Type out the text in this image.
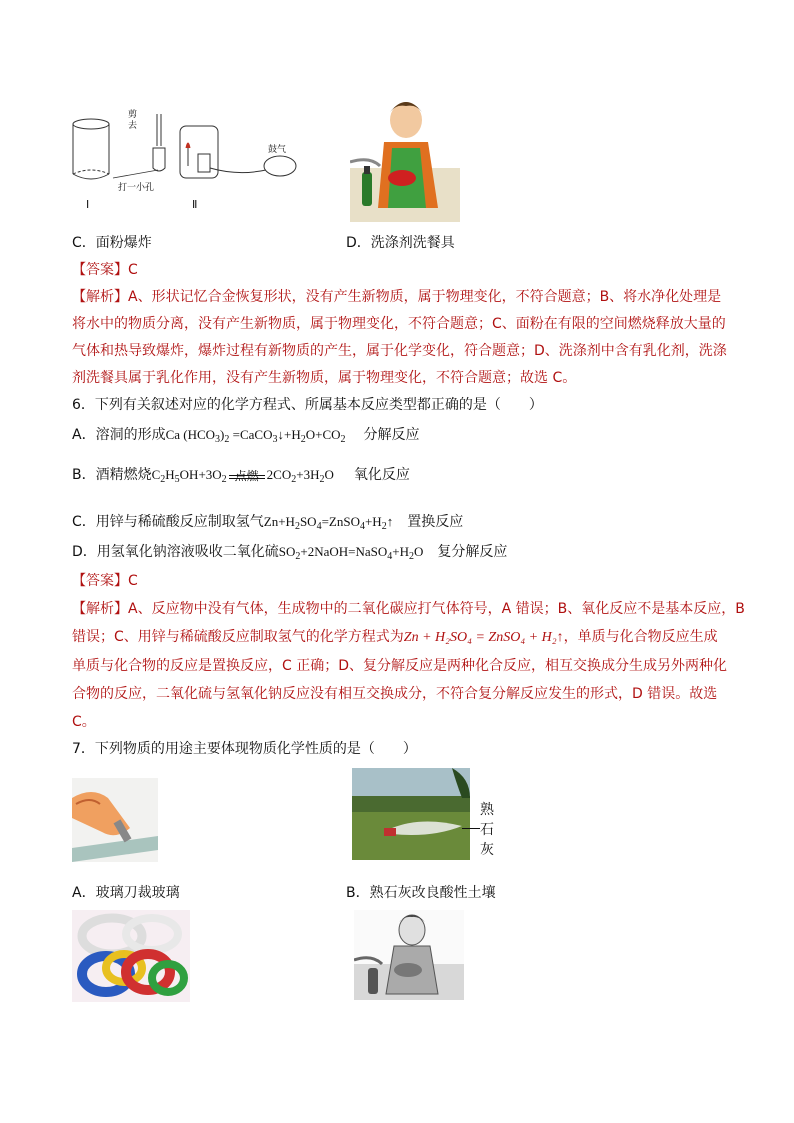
剪去
打一小孔
鼓气
Ⅰ	Ⅱ
C．面粉爆炸	D．洗涤剂洗餐具
【答案】C
【解析】A、形状记忆合金恢复形状，没有产生新物质，属于物理变化，不符合题意；B、将水净化处理是
将水中的物质分离，没有产生新物质，属于物理变化，不符合题意；C、面粉在有限的空间燃烧释放大量的
气体和热导致爆炸，爆炸过程有新物质的产生，属于化学变化，符合题意；D、洗涤剂中含有乳化剂，洗涤
剂洗餐具属于乳化作用，没有产生新物质，属于物理变化，不符合题意；故选 C。
6．下列有关叙述对应的化学方程式、所属基本反应类型都正确的是（　　）
A．溶洞的形成Ca $(HCO_3)_2$ $=CaCO_3↓+H_2O+CO_2$ 分解反应
B．酒精燃烧$C_2H_5OH+3O_2$ 点燃 $2CO_2+3H_2O$ 氧化反应
C．用锌与稀硫酸反应制取氢气$Zn+H_2SO_4=ZnSO_4+H_2↑$ 置换反应
D．用氢氧化钠溶液吸收二氧化硫$SO_2+2NaOH=NaSO_4+H_2O$ 复分解反应
【答案】C
【解析】A、反应物中没有气体，生成物中的二氧化碳应打气体符号，A 错误；B、氧化反应不是基本反应，B
错误；C、用锌与稀硫酸反应制取氢气的化学方程式为Zn + H₂SO₄ = ZnSO₄ + H₂↑，单质与化合物反应生成
单质与化合物的反应是置换反应，C 正确；D、复分解反应是两种化合反应，相互交换成分生成另外两种化
合物的反应，二氧化硫与氢氧化钠反应没有相互交换成分，不符合复分解反应发生的形式，D 错误。故选
C。
7．下列物质的用途主要体现物质化学性质的是（　　）
熟
石
灰
A．玻璃刀裁玻璃	B．熟石灰改良酸性土壤
